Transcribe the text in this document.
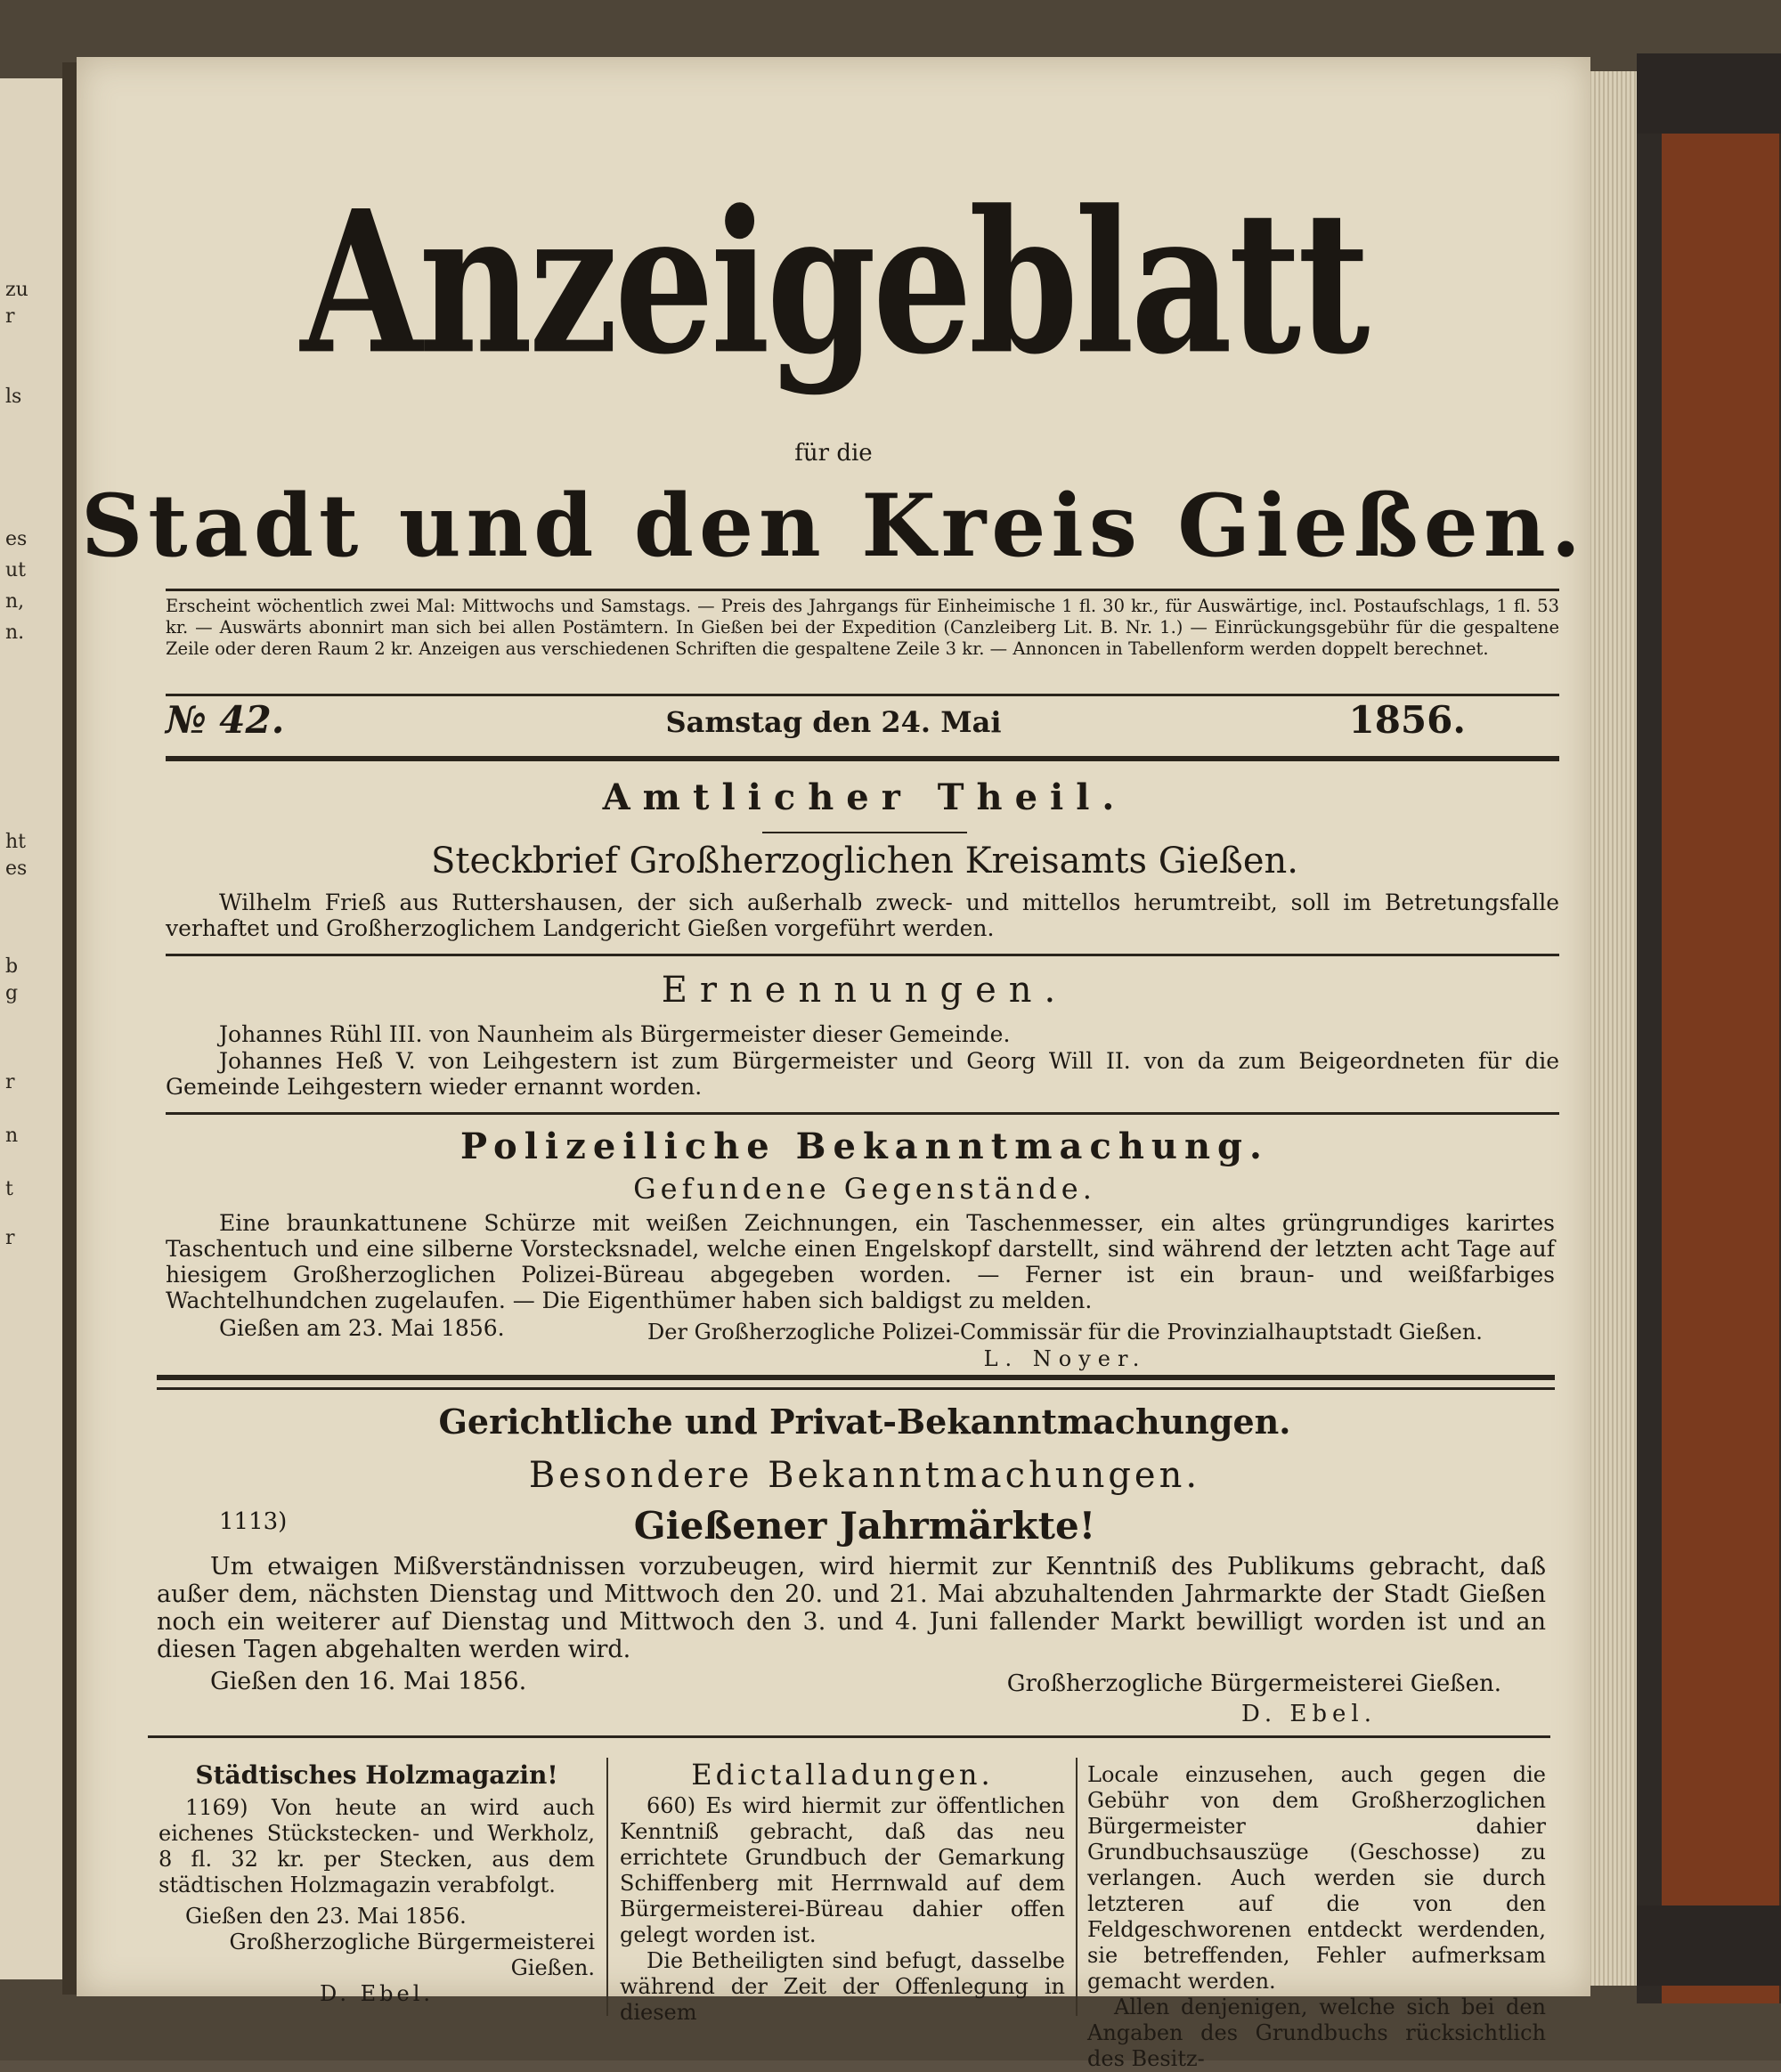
zu
r
ls
es
ut
n,
n.
ht
es
b
g
r
n
t
r
Anzeigeblatt
für die
Stadt und den Kreis Gießen.
Erscheint wöchentlich zwei Mal: Mittwochs und Samstags. — Preis des Jahrgangs für Einheimische 1 fl. 30 kr., für Auswärtige, incl. Postaufschlags, 1 fl. 53 kr. — Auswärts abonnirt man sich bei allen Postämtern. In Gießen bei der Expedition (Canzleiberg Lit. B. Nr. 1.) — Einrückungsgebühr für die gespaltene Zeile oder deren Raum 2 kr. Anzeigen aus verschiedenen Schriften die gespaltene Zeile 3 kr. — Annoncen in Tabellenform werden doppelt berechnet.
№ 42.	Samstag den 24. Mai	1856.
Amtlicher Theil.
Steckbrief Großherzoglichen Kreisamts Gießen.
Wilhelm Frieß aus Ruttershausen, der sich außerhalb zweck- und mittellos herumtreibt, soll im Betretungsfalle verhaftet und Großherzoglichem Landgericht Gießen vorgeführt werden.
Ernennungen.
Johannes Rühl III. von Naunheim als Bürgermeister dieser Gemeinde.
Johannes Heß V. von Leihgestern ist zum Bürgermeister und Georg Will II. von da zum Beigeordneten für die Gemeinde Leihgestern wieder ernannt worden.
Polizeiliche Bekanntmachung.
Gefundene Gegenstände.
Eine braunkattunene Schürze mit weißen Zeichnungen, ein Taschenmesser, ein altes grüngrundiges karirtes Taschentuch und eine silberne Vorstecksnadel, welche einen Engelskopf darstellt, sind während der letzten acht Tage auf hiesigem Großherzoglichen Polizei-Büreau abgegeben worden. — Ferner ist ein braun- und weißfarbiges Wachtelhundchen zugelaufen. — Die Eigenthümer haben sich baldigst zu melden.
Gießen am 23. Mai 1856.	Der Großherzogliche Polizei-Commissär für die Provinzialhauptstadt Gießen.
L. Noyer.
Gerichtliche und Privat-Bekanntmachungen.
Besondere Bekanntmachungen.
1113)	Gießener Jahrmärkte!
Um etwaigen Mißverständnissen vorzubeugen, wird hiermit zur Kenntniß des Publikums gebracht, daß außer dem, nächsten Dienstag und Mittwoch den 20. und 21. Mai abzuhaltenden Jahrmarkte der Stadt Gießen noch ein weiterer auf Dienstag und Mittwoch den 3. und 4. Juni fallender Markt bewilligt worden ist und an diesen Tagen abgehalten werden wird.
Gießen den 16. Mai 1856.	Großherzogliche Bürgermeisterei Gießen.
D. Ebel.
Städtisches Holzmagazin!
1169) Von heute an wird auch eichenes Stückstecken- und Werkholz, 8 fl. 32 kr. per Stecken, aus dem städtischen Holzmagazin verabfolgt.
Gießen den 23. Mai 1856.
Großherzogliche Bürgermeisterei Gießen.
D. Ebel.
Edictalladungen.
660) Es wird hiermit zur öffentlichen Kenntniß gebracht, daß das neu errichtete Grundbuch der Gemarkung Schiffenberg mit Herrnwald auf dem Bürgermeisterei-Büreau dahier offen gelegt worden ist.
Die Betheiligten sind befugt, dasselbe während der Zeit der Offenlegung in diesem
Locale einzusehen, auch gegen die Gebühr von dem Großherzoglichen Bürgermeister dahier Grundbuchsauszüge (Geschosse) zu verlangen. Auch werden sie durch letzteren auf die von den Feldgeschworenen entdeckt werdenden, sie betreffenden, Fehler aufmerksam gemacht werden.
Allen denjenigen, welche sich bei den Angaben des Grundbuchs rücksichtlich des Besitz-
